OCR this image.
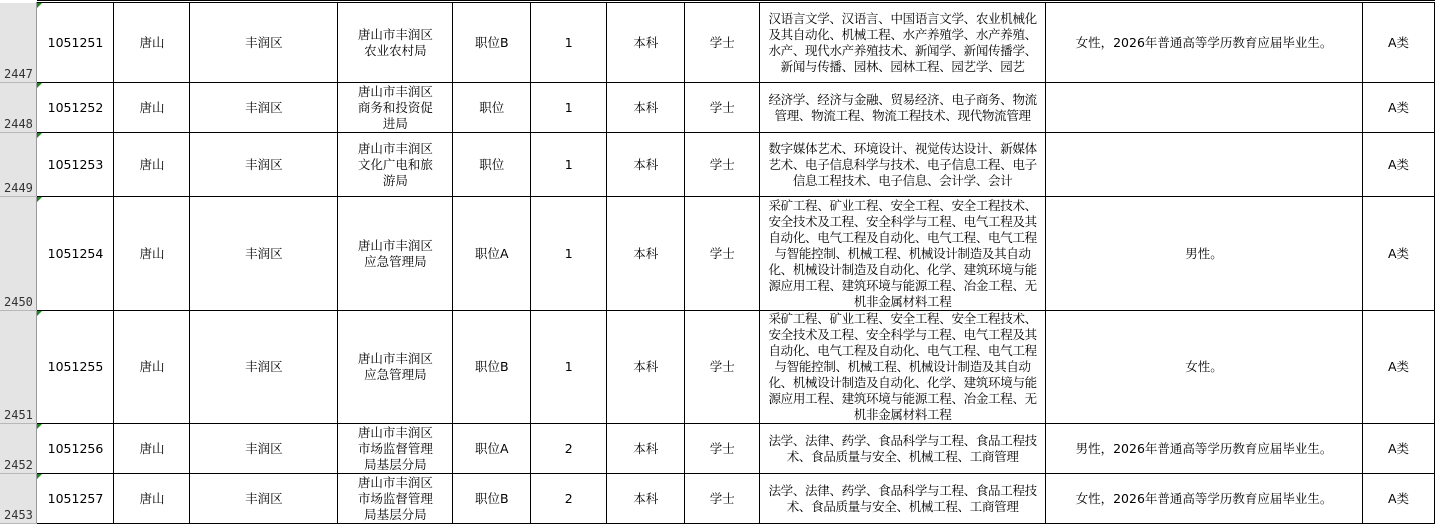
2447	1051251	唐山	丰润区	唐山市丰润区农业农村局	职位B	1	本科	学士	汉语言文学、汉语言、中国语言文学、农业机械化及其自动化、机械工程、水产养殖学、水产养殖、水产、现代水产养殖技术、新闻学、新闻传播学、新闻与传播、园林、园林工程、园艺学、园艺	女性，2026年普通高等学历教育应届毕业生。	A类
2448	1051252	唐山	丰润区	唐山市丰润区商务和投资促进局	职位	1	本科	学士	经济学、经济与金融、贸易经济、电子商务、物流管理、物流工程、物流工程技术、现代物流管理		A类
2449	1051253	唐山	丰润区	唐山市丰润区文化广电和旅游局	职位	1	本科	学士	数字媒体艺术、环境设计、视觉传达设计、新媒体艺术、电子信息科学与技术、电子信息工程、电子信息工程技术、电子信息、会计学、会计		A类
2450	1051254	唐山	丰润区	唐山市丰润区应急管理局	职位A	1	本科	学士	采矿工程、矿业工程、安全工程、安全工程技术、安全技术及工程、安全科学与工程、电气工程及其自动化、电气工程及自动化、电气工程、电气工程与智能控制、机械工程、机械设计制造及其自动化、机械设计制造及自动化、化学、建筑环境与能源应用工程、建筑环境与能源工程、冶金工程、无机非金属材料工程	男性。	A类
2451	1051255	唐山	丰润区	唐山市丰润区应急管理局	职位B	1	本科	学士	采矿工程、矿业工程、安全工程、安全工程技术、安全技术及工程、安全科学与工程、电气工程及其自动化、电气工程及自动化、电气工程、电气工程与智能控制、机械工程、机械设计制造及其自动化、机械设计制造及自动化、化学、建筑环境与能源应用工程、建筑环境与能源工程、冶金工程、无机非金属材料工程	女性。	A类
2452	1051256	唐山	丰润区	唐山市丰润区市场监督管理局基层分局	职位A	2	本科	学士	法学、法律、药学、食品科学与工程、食品工程技术、食品质量与安全、机械工程、工商管理	男性，2026年普通高等学历教育应届毕业生。	A类
2453	1051257	唐山	丰润区	唐山市丰润区市场监督管理局基层分局	职位B	2	本科	学士	法学、法律、药学、食品科学与工程、食品工程技术、食品质量与安全、机械工程、工商管理	女性，2026年普通高等学历教育应届毕业生。	A类
